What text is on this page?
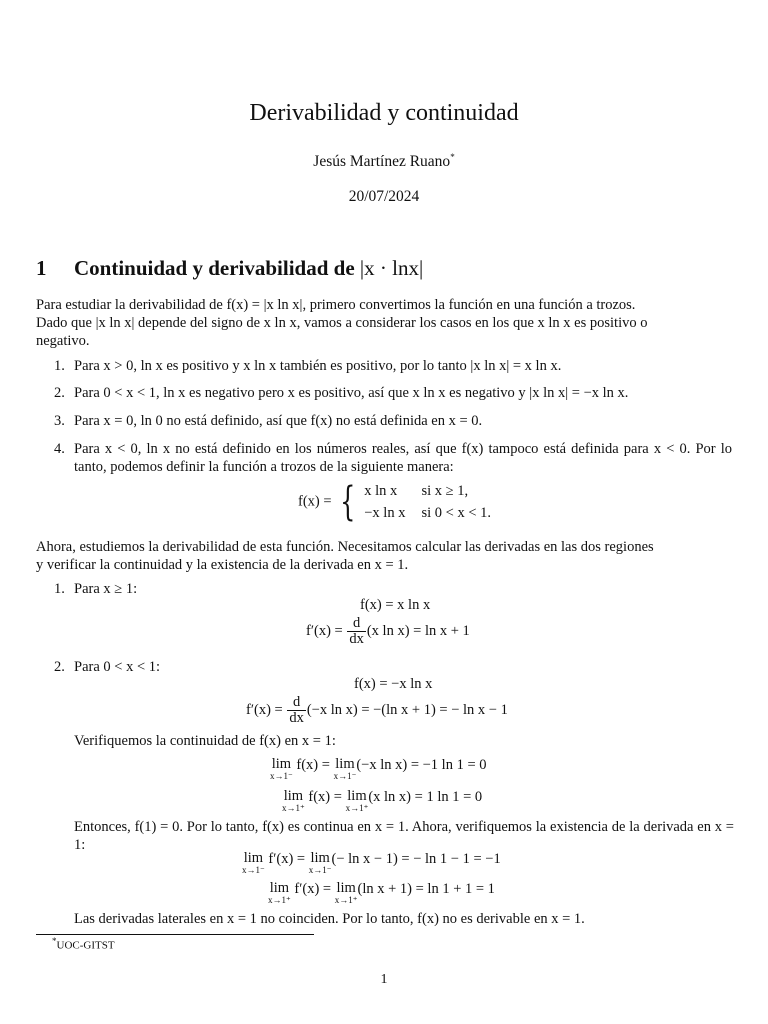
Derivabilidad y continuidad
Jesús Martínez Ruano*
20/07/2024
1 Continuidad y derivabilidad de |x · lnx|
Para estudiar la derivabilidad de f(x) = |x ln x|, primero convertimos la función en una función a trozos.
Dado que |x ln x| depende del signo de x ln x, vamos a considerar los casos en los que x ln x es positivo o
negativo.
1. Para x > 0, ln x es positivo y x ln x también es positivo, por lo tanto |x ln x| = x ln x.
2. Para 0 < x < 1, ln x es negativo pero x es positivo, así que x ln x es negativo y |x ln x| = −x ln x.
3. Para x = 0, ln 0 no está definido, así que f(x) no está definida en x = 0.
4. Para x < 0, ln x no está definido en los números reales, así que f(x) tampoco está definida para x < 0. Por lo tanto, podemos definir la función a trozos de la siguiente manera:
f(x) = { x ln x	si x ≥ 1,
−x ln x	si 0 < x < 1.
Ahora, estudiemos la derivabilidad de esta función. Necesitamos calcular las derivadas en las dos regiones
y verificar la continuidad y la existencia de la derivada en x = 1.
1. Para x ≥ 1:
f(x) = x ln x
$f'(x) = \frac{d}{dx} (x$ ln x) = ln x + 1
2. Para 0 < x < 1:
f(x) = −x ln x
$f'(x) = \frac{d}{dx} (-x$ ln x) = −(ln x + 1) = − ln x − 1
Verifiquemos la continuidad de f(x) en x = 1:
lim
x→1⁻
f(x) = lim
x→1⁻
(−x ln x) = −1 ln 1 = 0
lim
x→1⁺
f(x) = lim
x→1⁺
(x ln x) = 1 ln 1 = 0
Entonces, f(1) = 0. Por lo tanto, f(x) es continua en x = 1. Ahora, verifiquemos la existencia de la derivada en x = 1:
lim
x→1⁻
f′(x) = lim
x→1⁻
(− ln x − 1) = − ln 1 − 1 = −1
lim
x→1⁺
f′(x) = lim
x→1⁺
(ln x + 1) = ln 1 + 1 = 1
Las derivadas laterales en x = 1 no coinciden. Por lo tanto, f(x) no es derivable en x = 1.
*UOC-GITST
1
